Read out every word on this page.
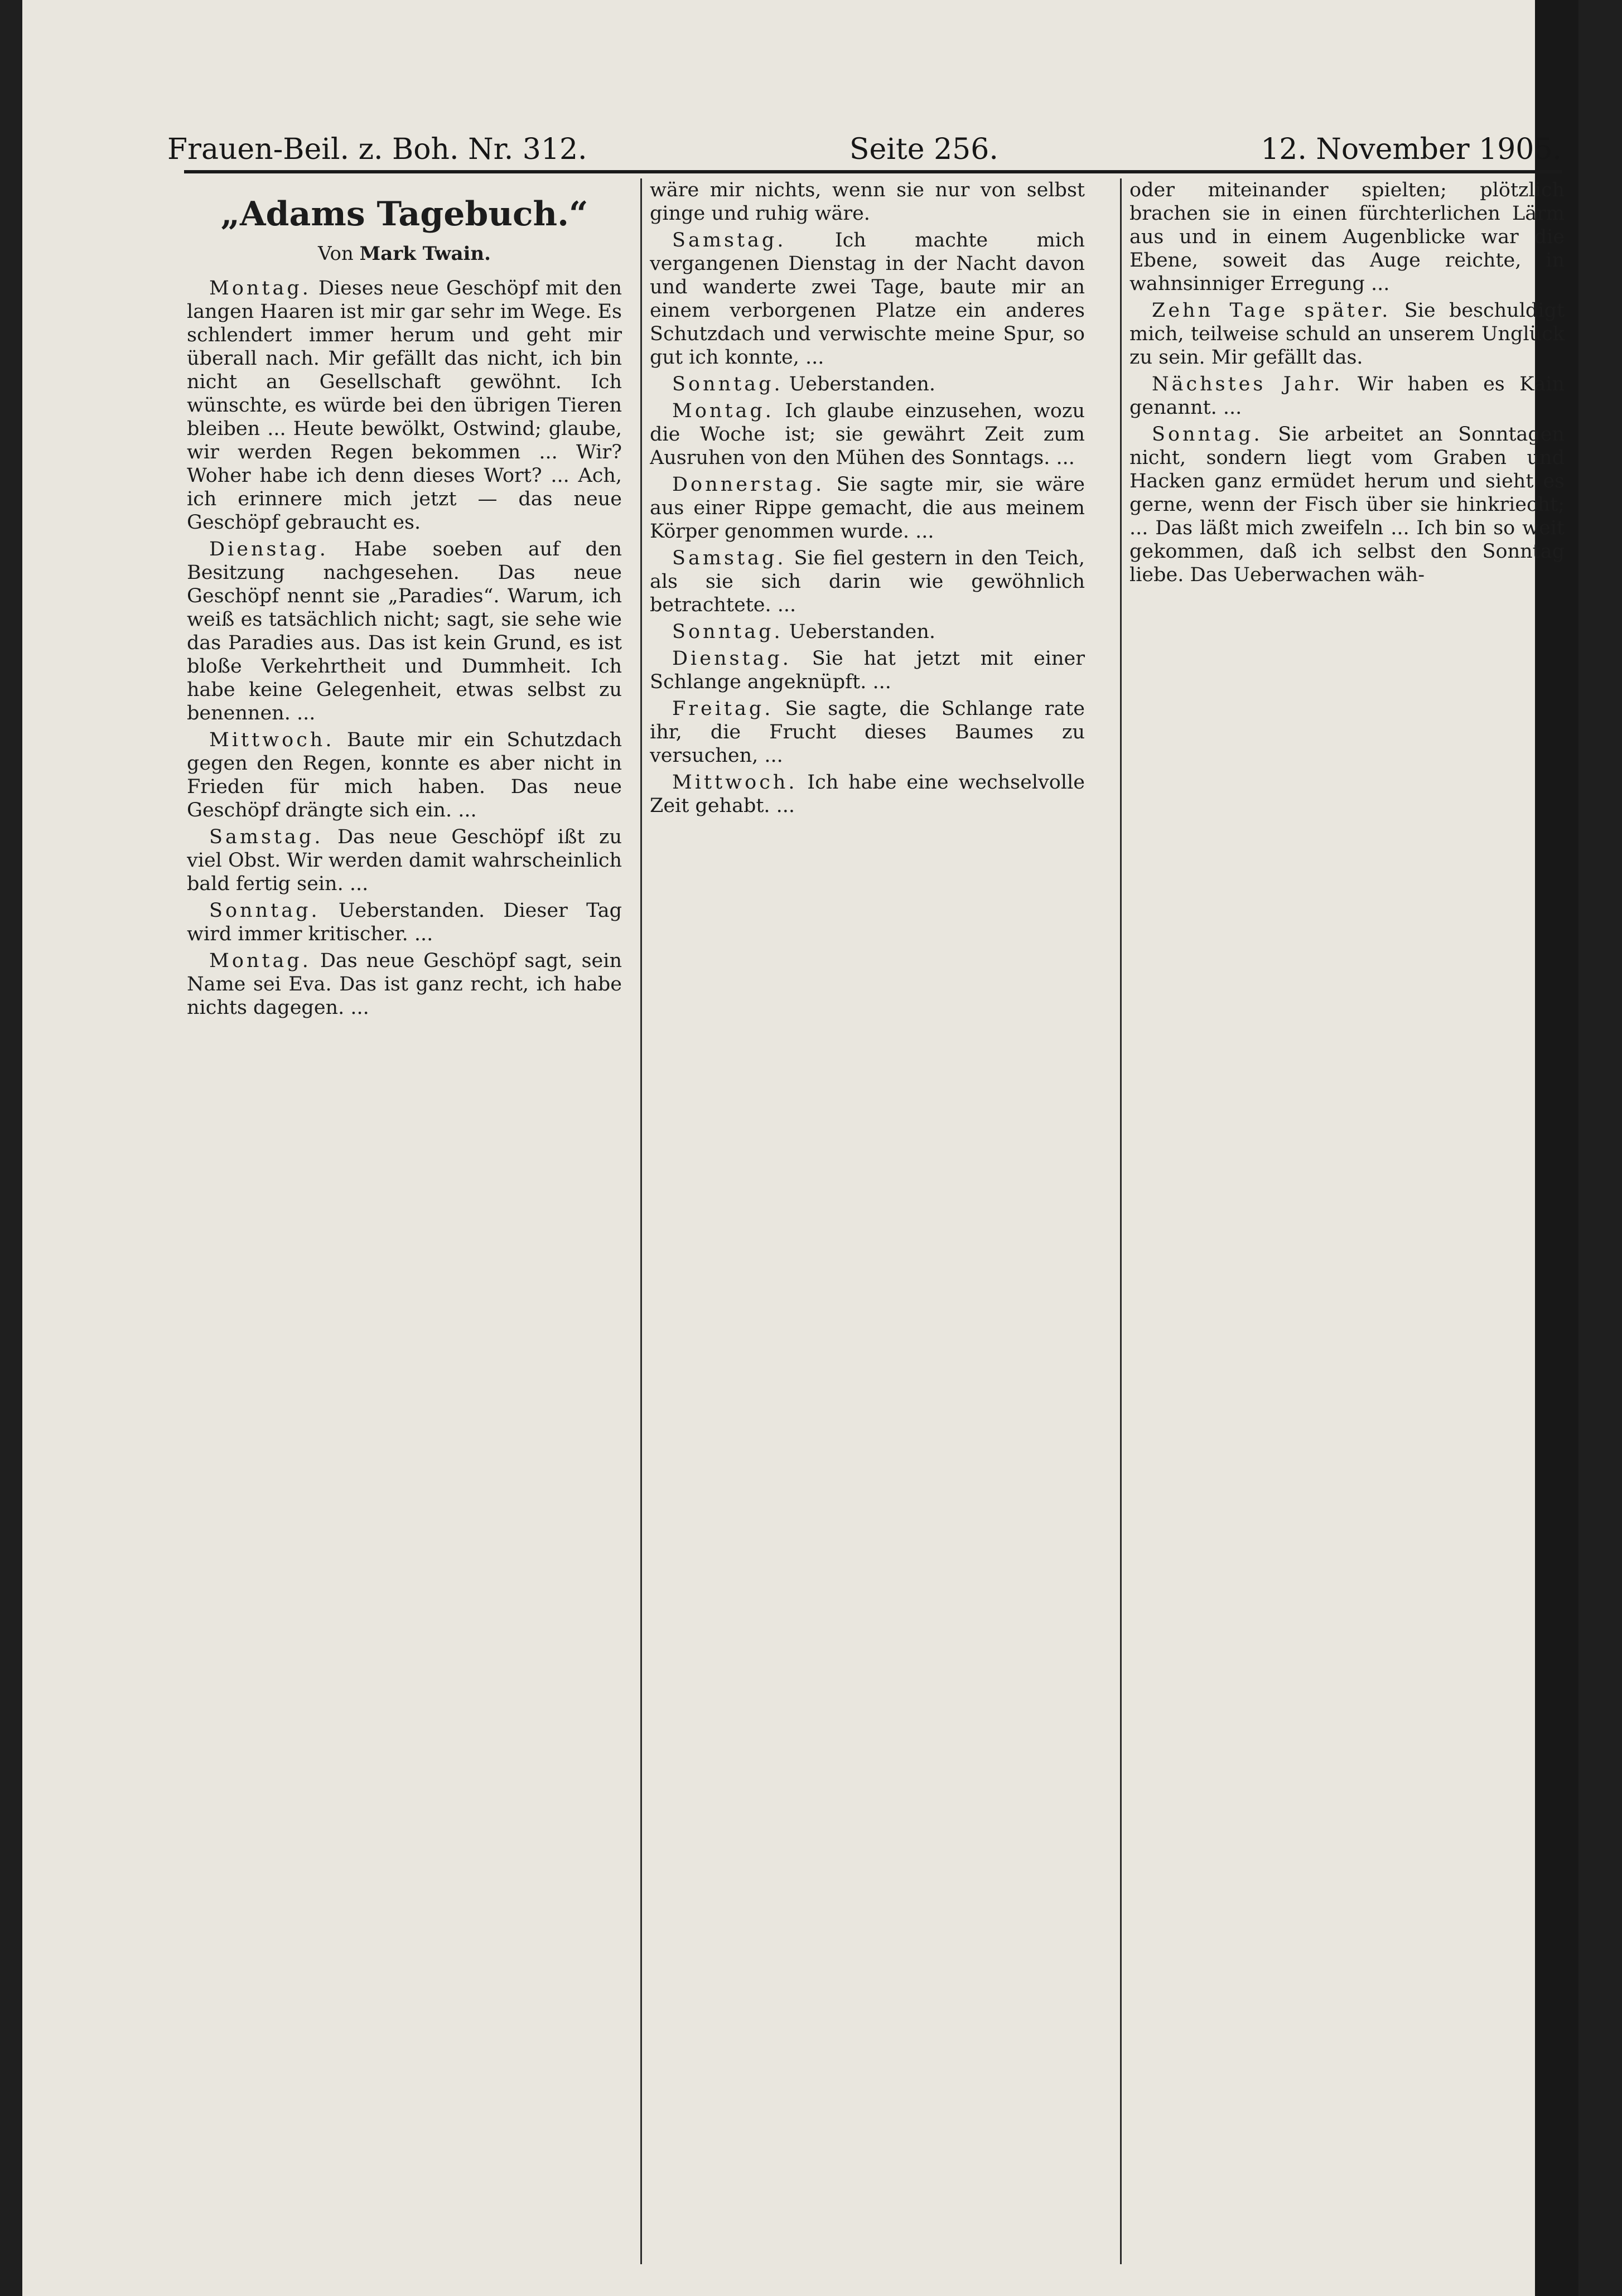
Frauen-Beil. z. Boh. Nr. 312.	Seite 256.	12. November 1905.
„Adams Tagebuch.“
Von Mark Twain.

Montag. Dieses neue Geschöpf mit den langen Haaren ist mir gar sehr im Wege. Es schlendert immer herum und geht mir überall nach. Mir gefällt das nicht, ich bin nicht an Gesellschaft gewöhnt. Ich wünschte, es würde bei den übrigen Tieren bleiben ... Heute bewölkt, Ostwind; glaube, wir werden Regen bekommen ... Wir? Woher habe ich denn dieses Wort? ... Ach, ich erinnere mich jetzt — das neue Geschöpf gebraucht es.

Dienstag. Habe soeben auf den Besitzung nachgesehen. Das neue Geschöpf nennt sie „Paradies“. Warum, ich weiß es tatsächlich nicht; sagt, sie sehe wie das Paradies aus. Das ist kein Grund, es ist bloße Verkehrtheit und Dummheit. Ich habe keine Gelegenheit, etwas selbst zu benennen. ...

Mittwoch. Baute mir ein Schutzdach gegen den Regen, konnte es aber nicht in Frieden für mich haben. Das neue Geschöpf drängte sich ein. ...

Samstag. Das neue Geschöpf ißt zu viel Obst. Wir werden damit wahrscheinlich bald fertig sein. ...

Sonntag. Ueberstanden. Dieser Tag wird immer kritischer. ...

Montag. Das neue Geschöpf sagt, sein Name sei Eva. Das ist ganz recht, ich habe nichts dagegen. ...

wäre mir nichts, wenn sie nur von selbst ginge und ruhig wäre.

Samstag. Ich machte mich vergangenen Dienstag in der Nacht davon und wanderte zwei Tage, baute mir an einem verborgenen Platze ein anderes Schutzdach und verwischte meine Spur, so gut ich konnte, ...

Sonntag. Ueberstanden.

Montag. Ich glaube einzusehen, wozu die Woche ist; sie gewährt Zeit zum Ausruhen von den Mühen des Sonntags. ...

Donnerstag. Sie sagte mir, sie wäre aus einer Rippe gemacht, die aus meinem Körper genommen wurde. ...

Samstag. Sie fiel gestern in den Teich, als sie sich darin wie gewöhnlich betrachtete. ...

Sonntag. Ueberstanden.

Dienstag. Sie hat jetzt mit einer Schlange angeknüpft. ...

Freitag. Sie sagte, die Schlange rate ihr, die Frucht dieses Baumes zu versuchen, ...

Mittwoch. Ich habe eine wechselvolle Zeit gehabt. ...

oder miteinander spielten; plötzlich brachen sie in einen fürchterlichen Lärm aus und in einem Augenblicke war die Ebene, soweit das Auge reichte, in wahnsinniger Erregung ...

Zehn Tage später. Sie beschuldigt mich, teilweise schuld an unserem Unglück zu sein. Mir gefällt das.

Nächstes Jahr. Wir haben es Kain genannt. ...

Sonntag. Sie arbeitet an Sonntagen nicht, sondern liegt vom Graben und Hacken ganz ermüdet herum und sieht es gerne, wenn der Fisch über sie hinkriecht; ... Das läßt mich zweifeln ... Ich bin so weit gekommen, daß ich selbst den Sonntag liebe. Das Ueberwachen wäh-
